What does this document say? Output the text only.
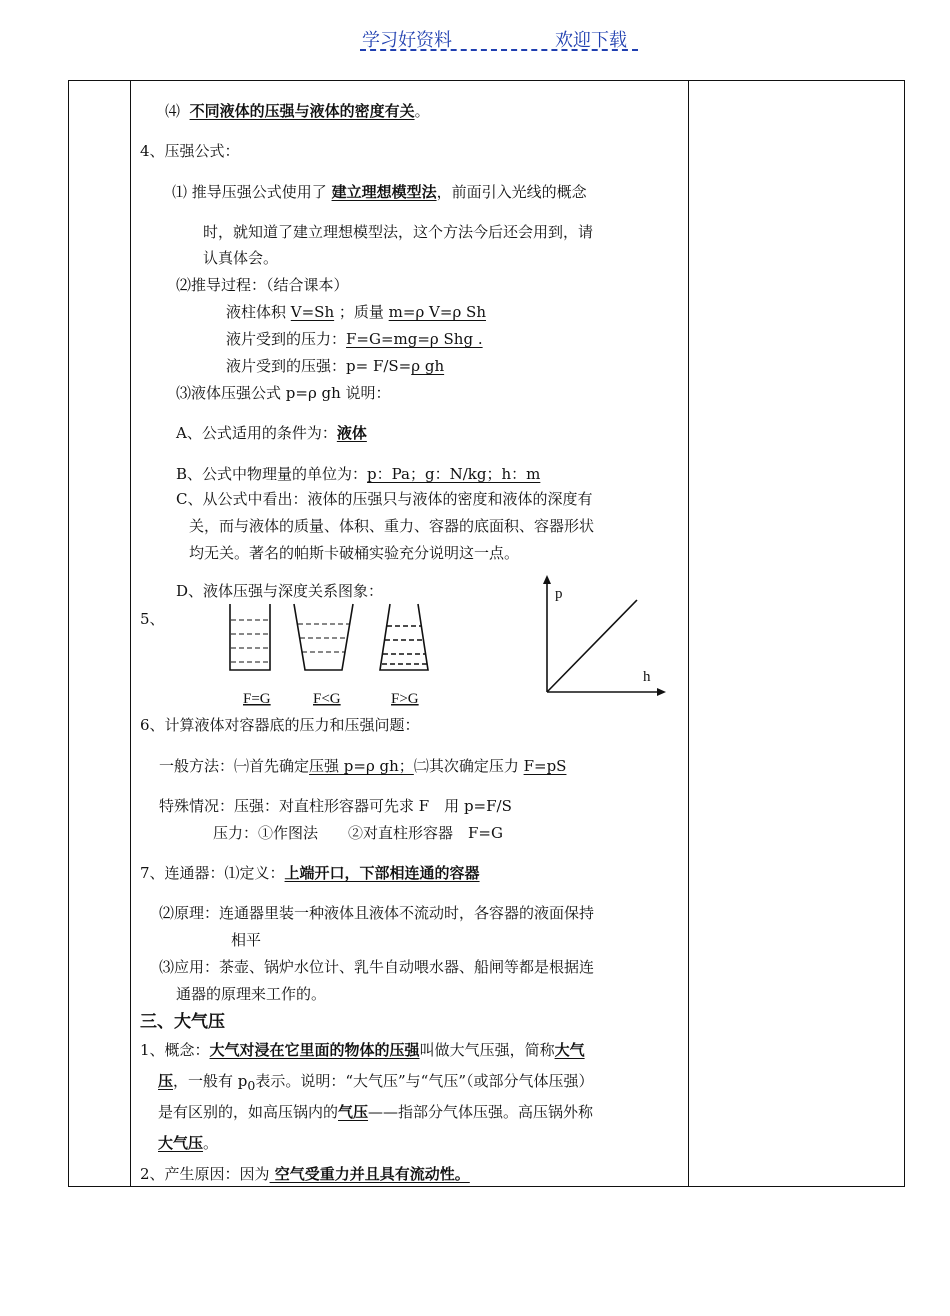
学习好资料	欢迎下载
⑷ 不同液体的压强与液体的密度有关。
4、压强公式：
⑴ 推导压强公式使用了 建立理想模型法，前面引入光线的概念
时，就知道了建立理想模型法，这个方法今后还会用到，请
认真体会。
⑵推导过程：（结合课本）
液柱体积 V=Sh ；质量 m=ρ V=ρ Sh
液片受到的压力：F=G=mg=ρ Shg .
液片受到的压强：p= F/S=ρ gh
⑶液体压强公式 p=ρ gh 说明：
A、公式适用的条件为：液体
B、公式中物理量的单位为：p：Pa；g：N/kg；h：m
C、从公式中看出：液体的压强只与液体的密度和液体的深度有
关，而与液体的质量、体积、重力、容器的底面积、容器形状
均无关。著名的帕斯卡破桶实验充分说明这一点。
D、液体压强与深度关系图象：
5、
F=G	F<G	F>G
p
h
6、计算液体对容器底的压力和压强问题：
一般方法：㈠首先确定压强 p=ρ gh；㈡其次确定压力 F=pS
特殊情况：压强：对直柱形容器可先求 F　用 p=F/S
压力：①作图法　　②对直柱形容器　F=G
7、连通器：⑴定义：上端开口，下部相连通的容器
⑵原理：连通器里装一种液体且液体不流动时，各容器的液面保持
相平
⑶应用：茶壶、锅炉水位计、乳牛自动喂水器、船闸等都是根据连
通器的原理来工作的。
三、大气压
1、概念：大气对浸在它里面的物体的压强叫做大气压强，简称大气
压，一般有 $p_0$表示。说明：“大气压”与“气压”（或部分气体压强）
是有区别的，如高压锅内的气压——指部分气体压强。高压锅外称
大气压。
2、产生原因：因为 空气受重力并且具有流动性。
